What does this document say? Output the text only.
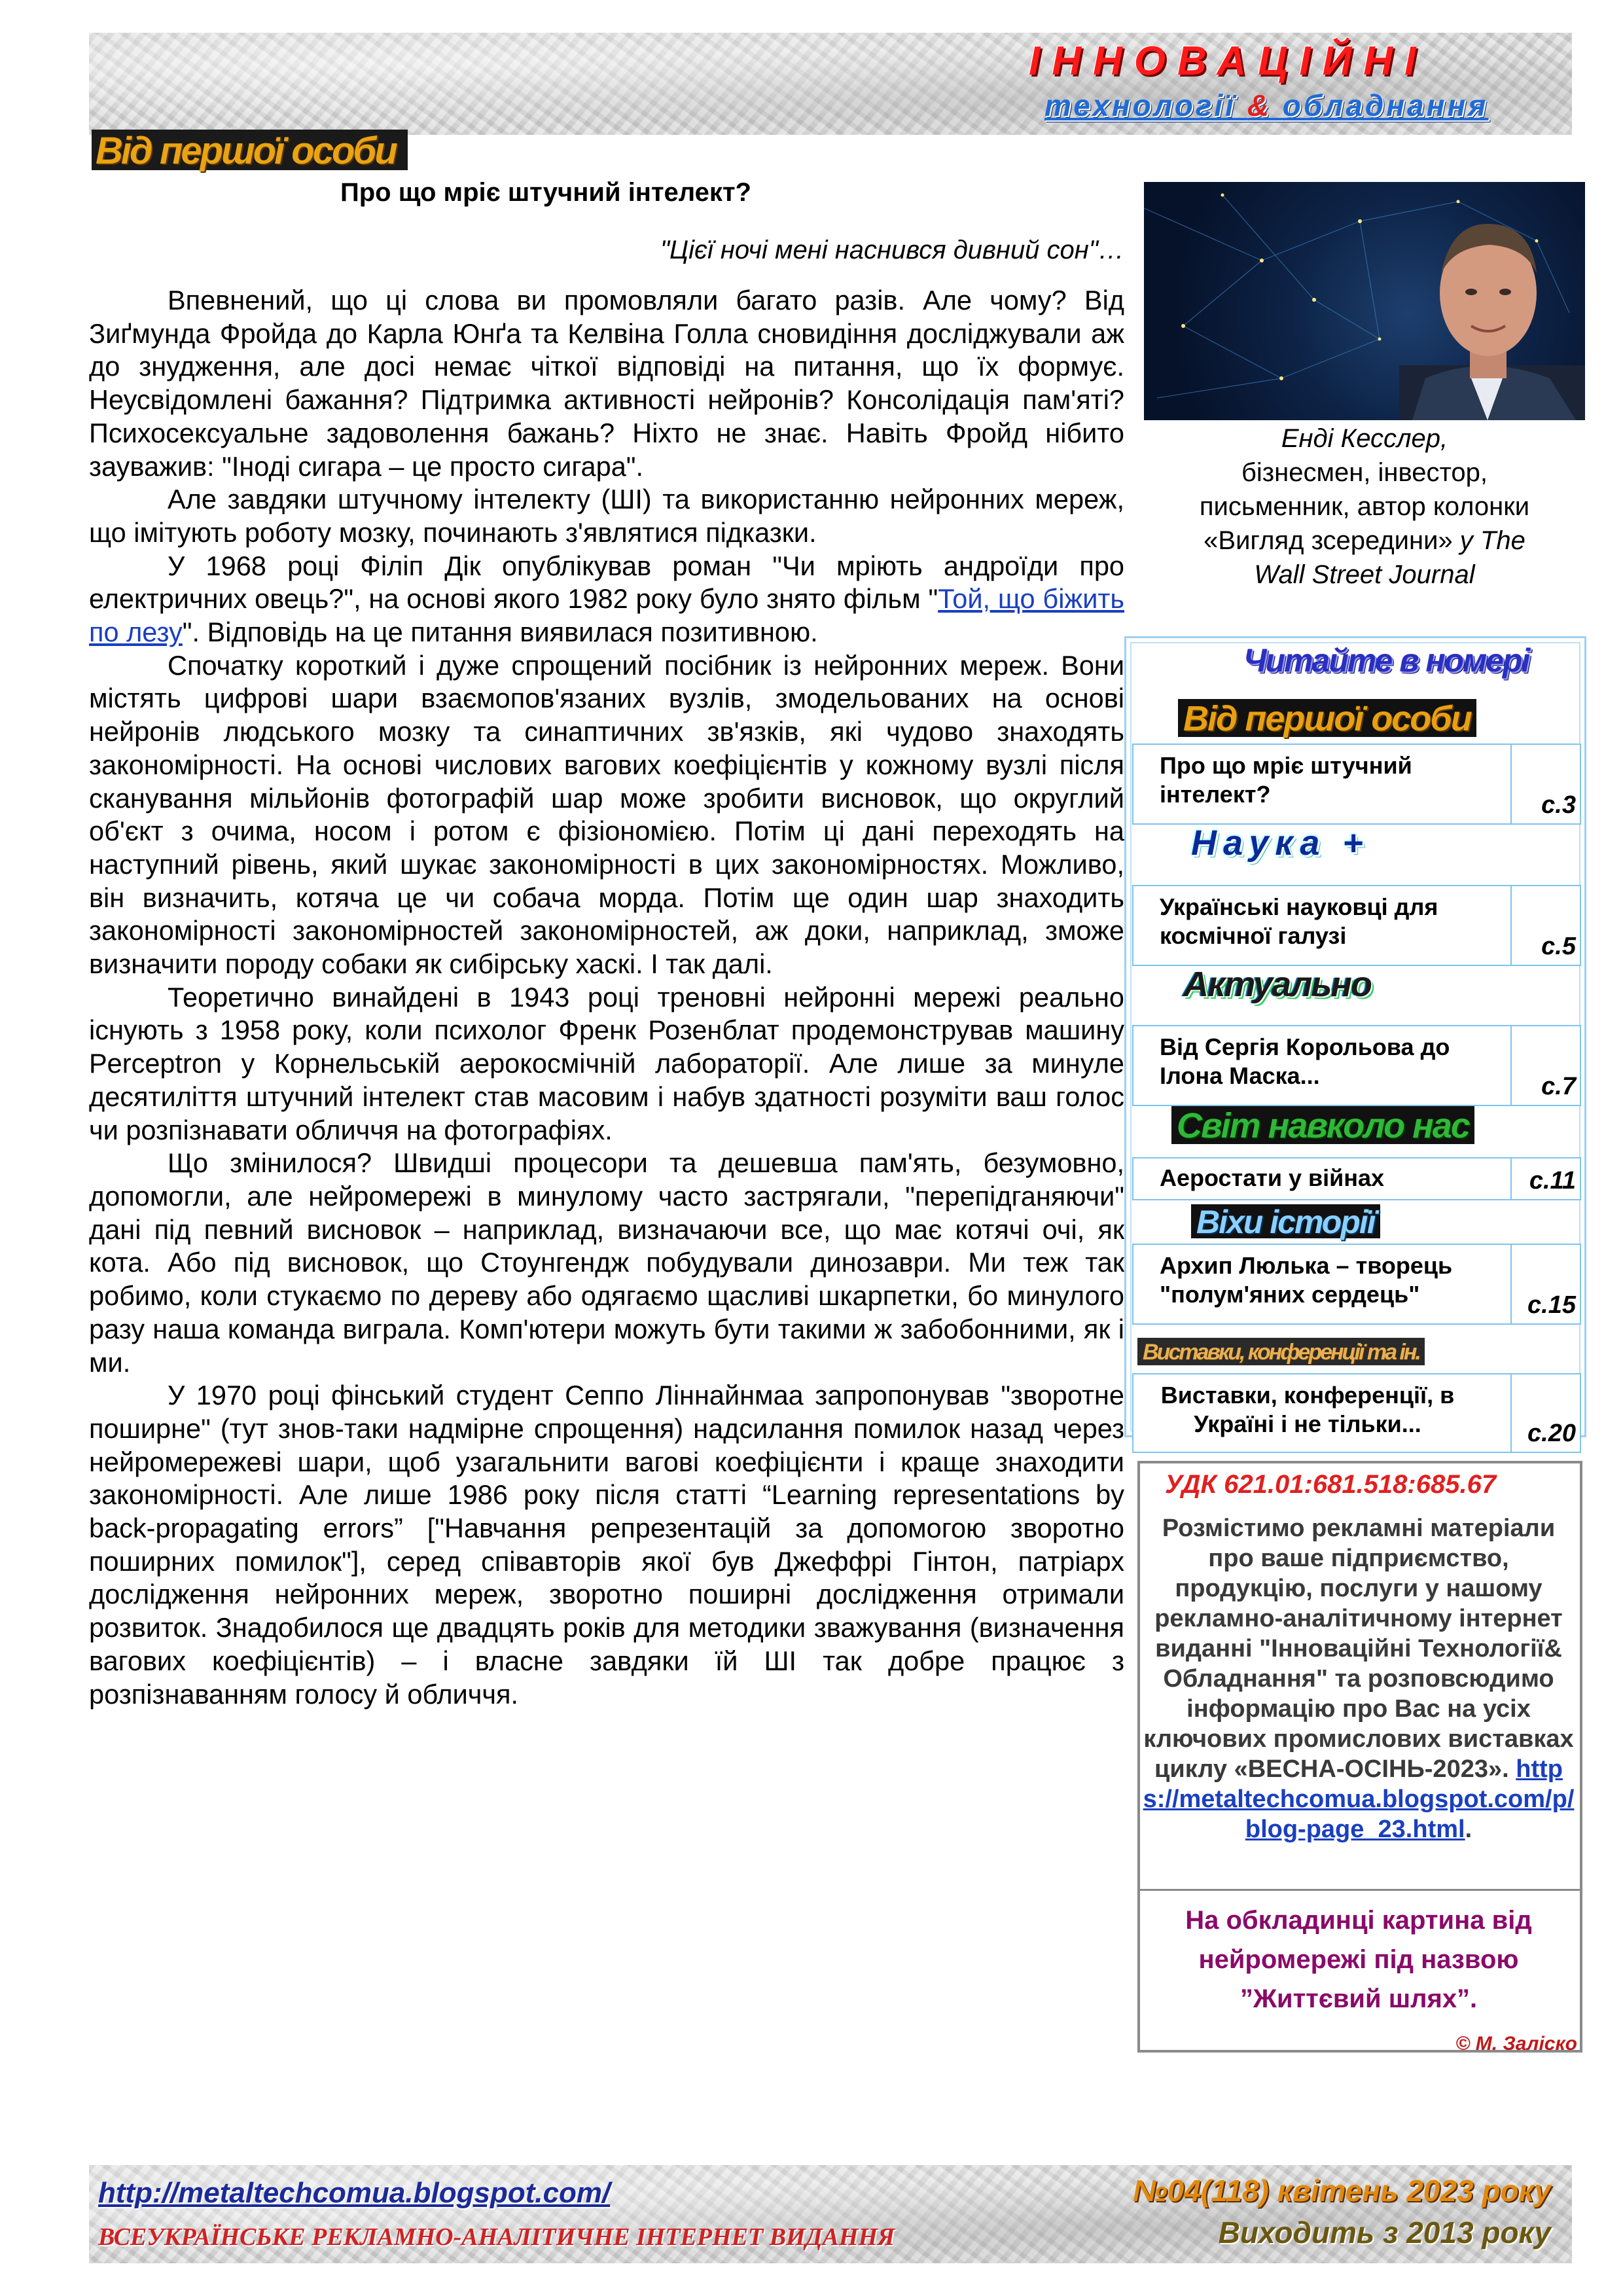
ІННОВАЦІЙНІ
технології & обладнання
Від першої особи
Про що мріє штучний інтелект?
"Цієї ночі мені наснився дивний сон"…

Впевнений, що ці слова ви промовляли багато разів. Але чому? Від Зиґмунда Фройда до Карла Юнґа та Келвіна Голла сновидіння досліджували аж до знудження, але досі немає чіткої відповіді на питання, що їх формує. Неусвідомлені бажання? Підтримка активності нейронів? Консолідація пам'яті? Психосексуальне задоволення бажань? Ніхто не знає. Навіть Фройд нібито зауважив: "Іноді сигара – це просто сигара".

Але завдяки штучному інтелекту (ШІ) та використанню нейронних мереж, що імітують роботу мозку, починають з'являтися підказки.

У 1968 році Філіп Дік опублікував роман "Чи мріють андроїди про електричних овець?", на основі якого 1982 року було знято фільм "Той, що біжить по лезу". Відповідь на це питання виявилася позитивною.

Спочатку короткий і дуже спрощений посібник із нейронних мереж. Вони містять цифрові шари взаємопов'язаних вузлів, змодельованих на основі нейронів людського мозку та синаптичних зв'язків, які чудово знаходять закономірності. На основі числових вагових коефіцієнтів у кожному вузлі після сканування мільйонів фотографій шар може зробити висновок, що округлий об'єкт з очима, носом і ротом є фізіономією. Потім ці дані переходять на наступний рівень, який шукає закономірності в цих закономірностях. Можливо, він визначить, котяча це чи собача морда. Потім ще один шар знаходить закономірності закономірностей закономірностей, аж доки, наприклад, зможе визначити породу собаки як сибірську хаскі. І так далі.

Теоретично винайдені в 1943 році треновні нейронні мережі реально існують з 1958 року, коли психолог Френк Розенблат продемонстрував машину Perceptron у Корнельській аерокосмічній лабораторії. Але лише за минуле десятиліття штучний інтелект став масовим і набув здатності розуміти ваш голос чи розпізнавати обличчя на фотографіях.

Що змінилося? Швидші процесори та дешевша пам'ять, безумовно, допомогли, але нейромережі в минулому часто застрягали, "перепідганяючи" дані під певний висновок – наприклад, визначаючи все, що має котячі очі, як кота. Або під висновок, що Стоунгендж побудували динозаври. Ми теж так робимо, коли стукаємо по дереву або одягаємо щасливі шкарпетки, бо минулого разу наша команда виграла. Комп'ютери можуть бути такими ж забобонними, як і ми.

У 1970 році фінський студент Сеппо Ліннайнмаа запропонував "зворотне поширне" (тут знов-таки надмірне спрощення) надсилання помилок назад через нейромережеві шари, щоб узагальнити вагові коефіцієнти і краще знаходити закономірності. Але лише 1986 року після статті “Learning representations by back-propagating errors” ["Навчання репрезентацій за допомогою зворотно поширних помилок"], серед співавторів якої був Джеффрі Гінтон, патріарх дослідження нейронних мереж, зворотно поширні дослідження отримали розвиток. Знадобилося ще двадцять років для методики зважування (визначення вагових коефіцієнтів) – і власне завдяки їй ШІ так добре працює з розпізнаванням голосу й обличчя.

Енді Кесслер,
бізнесмен, інвестор,
письменник, автор колонки
«Вигляд зсередини» у The
Wall Street Journal
Читайте в номері
Від першої особи
Про що мріє штучний інтелект?	с.3
Наука +
Українські науковці для космічної галузі	с.5
Актуально
Від Сергія Корольова до Ілона Маска...	с.7
Світ навколо нас
Аеростати у війнах	с.11
Віхи історії
Архип Люлька – творець "полум'яних сердець"	с.15
Виставки, конференції та ін.
Виставки, конференції, в Україні і не тільки...	с.20
УДК 621.01:681.518:685.67
Розмістимо рекламні матеріали про ваше підприємство, продукцію, послуги у нашому рекламно-аналітичному інтернет виданні "Інноваційні Технології& Обладнання" та розповсюдимо інформацію про Вас на усіх ключових промислових виставках циклу «ВЕСНА-ОСІНЬ-2023». https://metaltechcomua.blogspot.com/p/blog-page_23.html.
На обкладинці картина від нейромережі під назвою ”Життєвий шлях”.
© М. Заліско
http://metaltechcomua.blogspot.com/
ВСЕУКРАЇНСЬКЕ РЕКЛАМНО-АНАЛІТИЧНЕ ІНТЕРНЕТ ВИДАННЯ
№04(118) квітень 2023 року
Виходить з 2013 року
